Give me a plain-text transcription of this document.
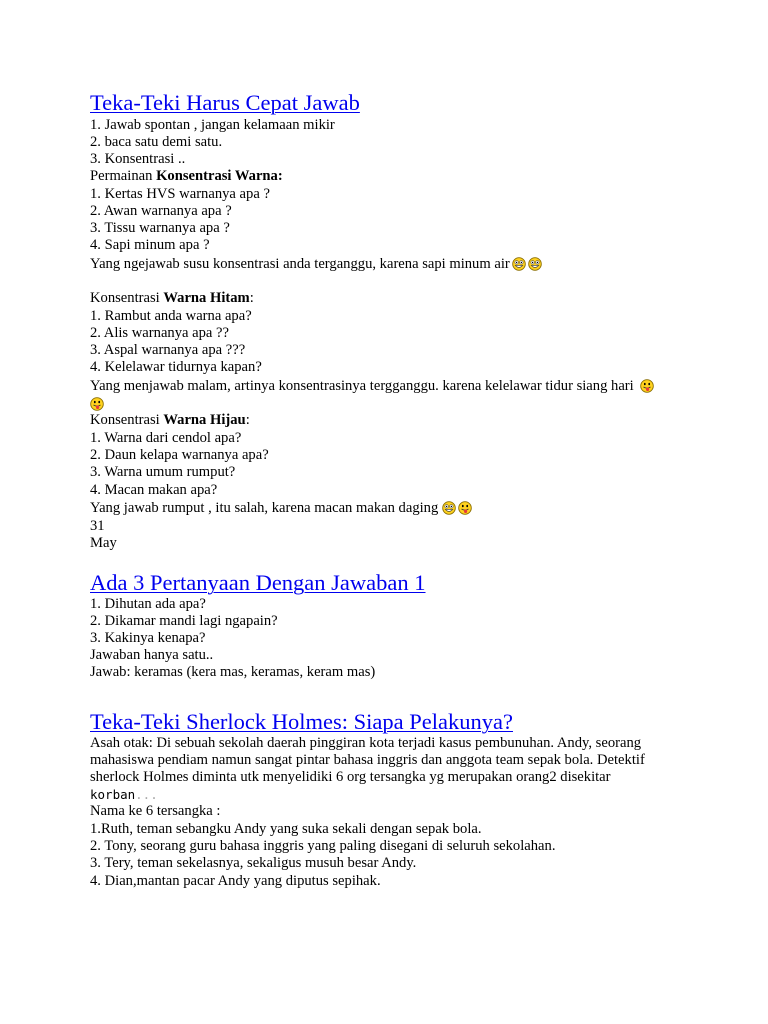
Teka-Teki Harus Cepat Jawab
1. Jawab spontan , jangan kelamaan mikir
2. baca satu demi satu.
3. Konsentrasi ..
Permainan Konsentrasi Warna:
1. Kertas HVS warnanya apa ?
2. Awan warnanya apa ?
3. Tissu warnanya apa ?
4. Sapi minum apa ?
Yang ngejawab susu konsentrasi anda terganggu, karena sapi minum air
Konsentrasi Warna Hitam:
1. Rambut anda warna apa?
2. Alis warnanya apa ??
3. Aspal warnanya apa ???
4. Kelelawar tidurnya kapan?
Yang menjawab malam, artinya konsentrasinya tergganggu. karena kelelawar tidur siang hari
Konsentrasi Warna Hijau:
1. Warna dari cendol apa?
2. Daun kelapa warnanya apa?
3. Warna umum rumput?
4. Macan makan apa?
Yang jawab rumput , itu salah, karena macan makan daging
31
May
Ada 3 Pertanyaan Dengan Jawaban 1
1. Dihutan ada apa?
2. Dikamar mandi lagi ngapain?
3. Kakinya kenapa?
Jawaban hanya satu..
Jawab: keramas (kera mas, keramas, keram mas)
Teka-Teki Sherlock Holmes: Siapa Pelakunya?
Asah otak: Di sebuah sekolah daerah pinggiran kota terjadi kasus pembunuhan. Andy, seorang
mahasiswa pendiam namun sangat pintar bahasa inggris dan anggota team sepak bola. Detektif
sherlock Holmes diminta utk menyelidiki 6 org tersangka yg merupakan orang2 disekitar
korban...
Nama ke 6 tersangka :
1.Ruth, teman sebangku Andy yang suka sekali dengan sepak bola.
2. Tony, seorang guru bahasa inggris yang paling disegani di seluruh sekolahan.
3. Tery, teman sekelasnya, sekaligus musuh besar Andy.
4. Dian,mantan pacar Andy yang diputus sepihak.
